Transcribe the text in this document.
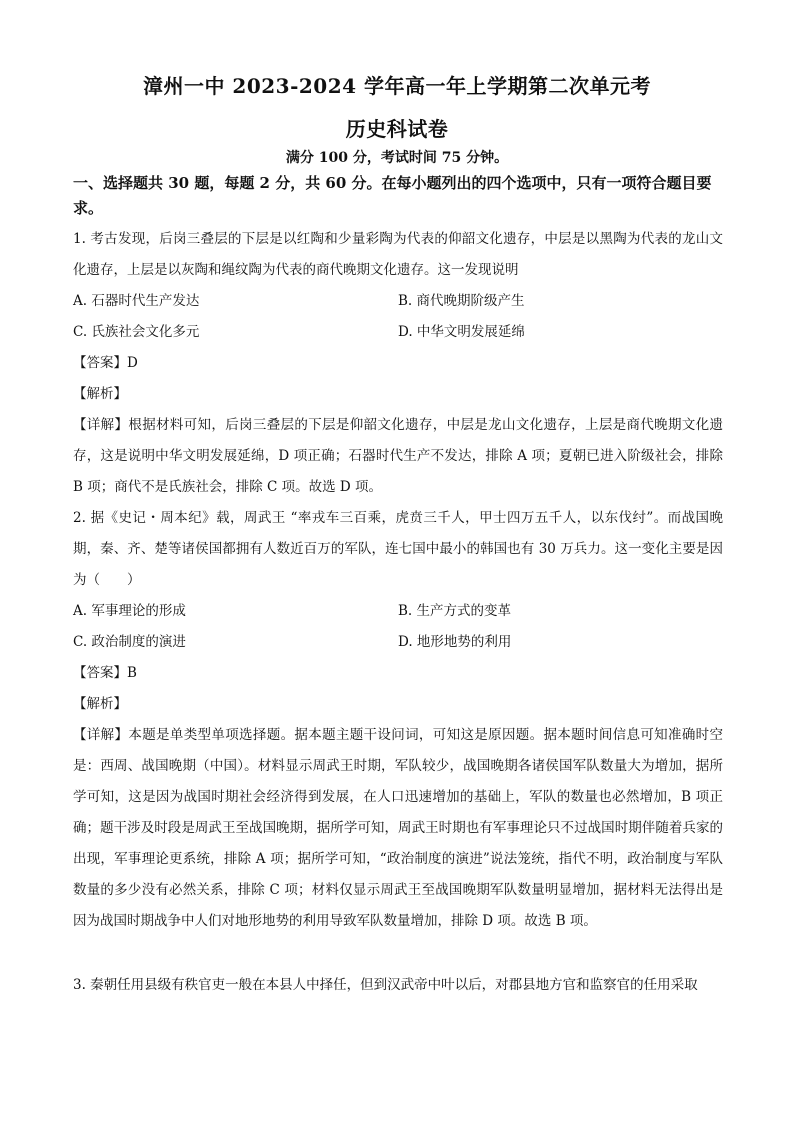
漳州一中 2023-2024 学年高一年上学期第二次单元考
历史科试卷
满分 100 分，考试时间 75 分钟。
一、选择题共 30 题，每题 2 分，共 60 分。在每小题列出的四个选项中，只有一项符合题目要求。

1. 考古发现，后岗三叠层的下层是以红陶和少量彩陶为代表的仰韶文化遗存，中层是以黑陶为代表的龙山文化遗存，上层是以灰陶和绳纹陶为代表的商代晚期文化遗存。这一发现说明

A. 石器时代生产发达	B. 商代晚期阶级产生

C. 氏族社会文化多元	D. 中华文明发展延绵

【答案】D

【解析】

【详解】根据材料可知，后岗三叠层的下层是仰韶文化遗存，中层是龙山文化遗存，上层是商代晚期文化遗存，这是说明中华文明发展延绵，D 项正确；石器时代生产不发达，排除 A 项；夏朝已进入阶级社会，排除 B 项；商代不是氏族社会，排除 C 项。故选 D 项。

2. 据《史记・周本纪》载，周武王 “率戎车三百乘，虎贲三千人，甲士四万五千人，以东伐纣”。而战国晚期，秦、齐、楚等诸侯国都拥有人数近百万的军队，连七国中最小的韩国也有 30 万兵力。这一变化主要是因为（　　）

A. 军事理论的形成	B. 生产方式的变革

C. 政治制度的演进	D. 地形地势的利用

【答案】B

【解析】

【详解】本题是单类型单项选择题。据本题主题干设问词，可知这是原因题。据本题时间信息可知准确时空是：西周、战国晚期（中国）。材料显示周武王时期，军队较少，战国晚期各诸侯国军队数量大为增加，据所学可知，这是因为战国时期社会经济得到发展，在人口迅速增加的基础上，军队的数量也必然增加，B 项正确；题干涉及时段是周武王至战国晚期，据所学可知，周武王时期也有军事理论只不过战国时期伴随着兵家的出现，军事理论更系统，排除 A 项；据所学可知，“政治制度的演进”说法笼统，指代不明，政治制度与军队数量的多少没有必然关系，排除 C 项；材料仅显示周武王至战国晚期军队数量明显增加，据材料无法得出是因为战国时期战争中人们对地形地势的利用导致军队数量增加，排除 D 项。故选 B 项。

3. 秦朝任用县级有秩官吏一般在本县人中择任，但到汉武帝中叶以后，对郡县地方官和监察官的任用采取
